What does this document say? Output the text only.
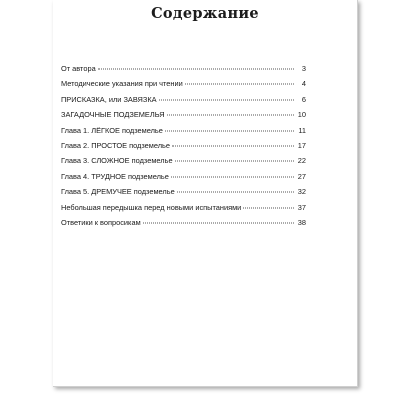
Содержание
От автора	3
Методические указания при чтении	4
ПРИСКАЗКА, или ЗАВЯЗКА	6
ЗАГАДОЧНЫЕ ПОДЗЕМЕЛЬЯ	10
Глава 1. ЛЁГКОЕ подземелье	11
Глава 2. ПРОСТОЕ подземелье	17
Глава 3. СЛОЖНОЕ подземелье	22
Глава 4. ТРУДНОЕ подземелье	27
Глава 5. ДРЕМУЧЕЕ подземелье	32
Небольшая передышка перед новыми испытаниями	37
Ответики к вопросикам	38
